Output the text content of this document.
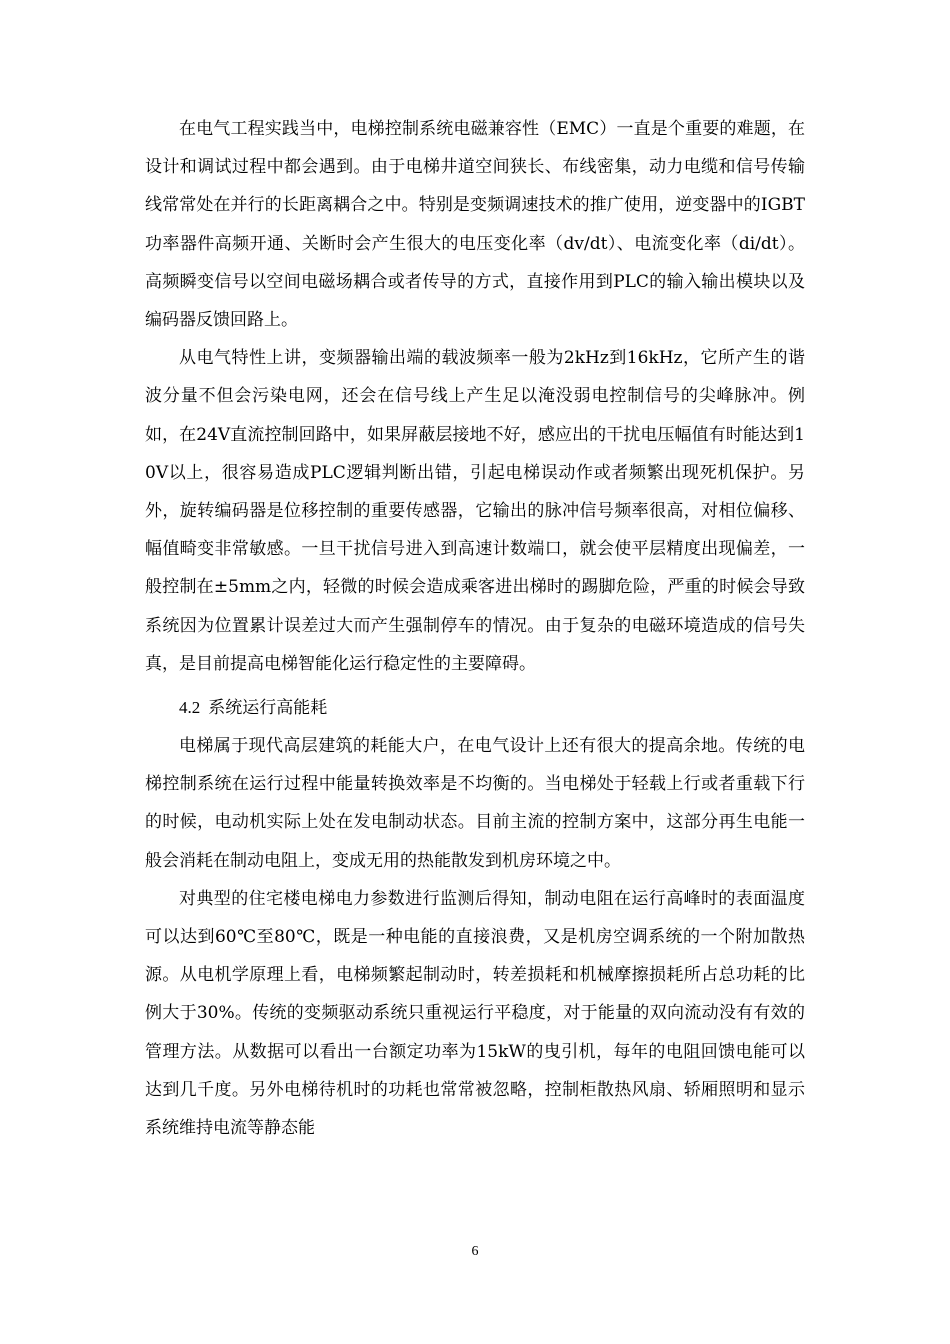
在电气工程实践当中，电梯控制系统电磁兼容性（EMC）一直是个重要的难题，在设计和调试过程中都会遇到。由于电梯井道空间狭长、布线密集，动力电缆和信号传输线常常处在并行的长距离耦合之中。特别是变频调速技术的推广使用，逆变器中的IGBT功率器件高频开通、关断时会产生很大的电压变化率（dv/dt）、电流变化率（di/dt）。高频瞬变信号以空间电磁场耦合或者传导的方式，直接作用到PLC的输入输出模块以及编码器反馈回路上。

从电气特性上讲，变频器输出端的载波频率一般为2kHz到16kHz，它所产生的谐波分量不但会污染电网，还会在信号线上产生足以淹没弱电控制信号的尖峰脉冲。例如，在24V直流控制回路中，如果屏蔽层接地不好，感应出的干扰电压幅值有时能达到10V以上，很容易造成PLC逻辑判断出错，引起电梯误动作或者频繁出现死机保护。另外，旋转编码器是位移控制的重要传感器，它输出的脉冲信号频率很高，对相位偏移、幅值畸变非常敏感。一旦干扰信号进入到高速计数端口，就会使平层精度出现偏差，一般控制在±5mm之内，轻微的时候会造成乘客进出梯时的踢脚危险，严重的时候会导致系统因为位置累计误差过大而产生强制停车的情况。由于复杂的电磁环境造成的信号失真，是目前提高电梯智能化运行稳定性的主要障碍。

4.2 系统运行高能耗

电梯属于现代高层建筑的耗能大户，在电气设计上还有很大的提高余地。传统的电梯控制系统在运行过程中能量转换效率是不均衡的。当电梯处于轻载上行或者重载下行的时候，电动机实际上处在发电制动状态。目前主流的控制方案中，这部分再生电能一般会消耗在制动电阻上，变成无用的热能散发到机房环境之中。

对典型的住宅楼电梯电力参数进行监测后得知，制动电阻在运行高峰时的表面温度可以达到60℃至80℃，既是一种电能的直接浪费，又是机房空调系统的一个附加散热源。从电机学原理上看，电梯频繁起制动时，转差损耗和机械摩擦损耗所占总功耗的比例大于30%。传统的变频驱动系统只重视运行平稳度，对于能量的双向流动没有有效的管理方法。从数据可以看出一台额定功率为15kW的曳引机，每年的电阻回馈电能可以达到几千度。另外电梯待机时的功耗也常常被忽略，控制柜散热风扇、轿厢照明和显示系统维持电流等静态能

6
